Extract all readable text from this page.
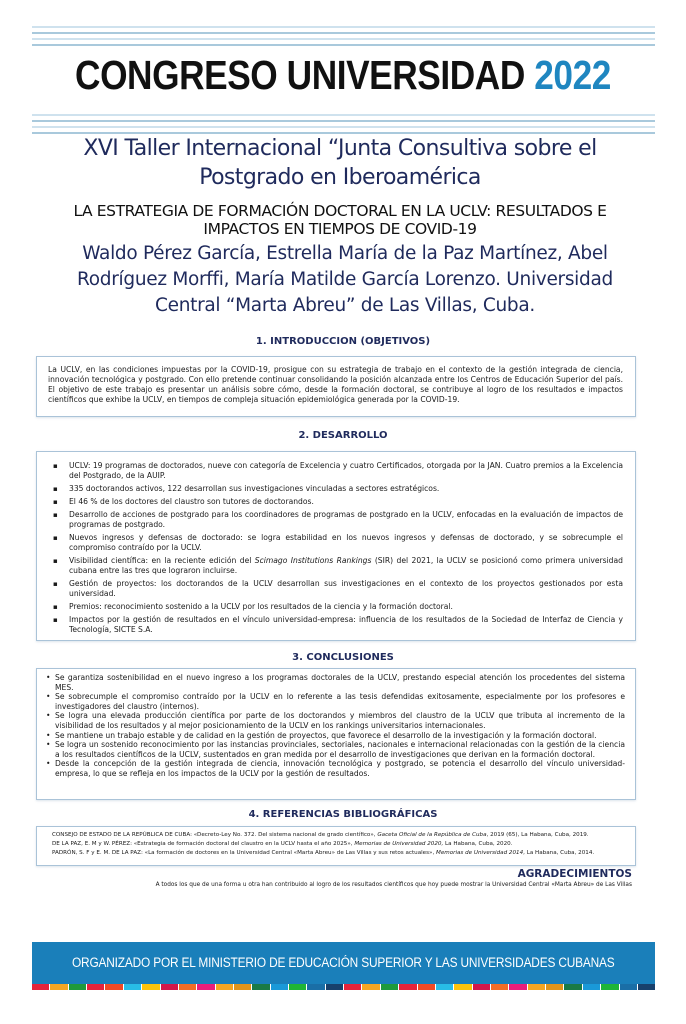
CONGRESO UNIVERSIDAD 2022
XVI Taller Internacional “Junta Consultiva sobre el
Postgrado en Iberoamérica
LA ESTRATEGIA DE FORMACIÓN DOCTORAL EN LA UCLV: RESULTADOS E
IMPACTOS EN TIEMPOS DE COVID-19
Waldo Pérez García, Estrella María de la Paz Martínez, Abel
Rodríguez Morffi, María Matilde García Lorenzo. Universidad
Central “Marta Abreu” de Las Villas, Cuba.
1. INTRODUCCION (OBJETIVOS)
La UCLV, en las condiciones impuestas por la COVID-19, prosigue con su estrategia de trabajo en el contexto de la gestión integrada de ciencia, innovación tecnológica y postgrado. Con ello pretende continuar consolidando la posición alcanzada entre los Centros de Educación Superior del país. El objetivo de este trabajo es presentar un análisis sobre cómo, desde la formación doctoral, se contribuye al logro de los resultados e impactos científicos que exhibe la UCLV, en tiempos de compleja situación epidemiológica generada por la COVID-19.
2. DESARROLLO
▪ UCLV: 19 programas de doctorados, nueve con categoría de Excelencia y cuatro Certificados, otorgada por la JAN. Cuatro premios a la Excelencia del Postgrado, de la AUIP.
▪ 335 doctorandos activos, 122 desarrollan sus investigaciones vinculadas a sectores estratégicos.
▪ El 46 % de los doctores del claustro son tutores de doctorandos.
▪ Desarrollo de acciones de postgrado para los coordinadores de programas de postgrado en la UCLV, enfocadas en la evaluación de impactos de programas de postgrado.
▪ Nuevos ingresos y defensas de doctorado: se logra estabilidad en los nuevos ingresos y defensas de doctorado, y se sobrecumple el compromiso contraído por la UCLV.
▪ Visibilidad científica: en la reciente edición del Scimago Institutions Rankings (SIR) del 2021, la UCLV se posicionó como primera universidad cubana entre las tres que lograron incluirse.
▪ Gestión de proyectos: los doctorandos de la UCLV desarrollan sus investigaciones en el contexto de los proyectos gestionados por esta universidad.
▪ Premios: reconocimiento sostenido a la UCLV por los resultados de la ciencia y la formación doctoral.
▪ Impactos por la gestión de resultados en el vínculo universidad-empresa: influencia de los resultados de la Sociedad de Interfaz de Ciencia y Tecnología, SICTE S.A.
3. CONCLUSIONES
• Se garantiza sostenibilidad en el nuevo ingreso a los programas doctorales de la UCLV, prestando especial atención los procedentes del sistema MES.
• Se sobrecumple el compromiso contraído por la UCLV en lo referente a las tesis defendidas exitosamente, especialmente por los profesores e investigadores del claustro (internos).
• Se logra una elevada producción científica por parte de los doctorandos y miembros del claustro de la UCLV que tributa al incremento de la visibilidad de los resultados y al mejor posicionamiento de la UCLV en los rankings universitarios internacionales.
• Se mantiene un trabajo estable y de calidad en la gestión de proyectos, que favorece el desarrollo de la investigación y la formación doctoral.
• Se logra un sostenido reconocimiento por las instancias provinciales, sectoriales, nacionales e internacional relacionadas con la gestión de la ciencia a los resultados científicos de la UCLV, sustentados en gran medida por el desarrollo de investigaciones que derivan en la formación doctoral.
• Desde la concepción de la gestión integrada de ciencia, innovación tecnológica y postgrado, se potencia el desarrollo del vínculo universidad-empresa, lo que se refleja en los impactos de la UCLV por la gestión de resultados.
4. REFERENCIAS BIBLIOGRÁFICAS
CONSEJO DE ESTADO DE LA REPÚBLICA DE CUBA: «Decreto-Ley No. 372. Del sistema nacional de grado científico», Gaceta Oficial de la República de Cuba, 2019 (65), La Habana, Cuba, 2019.
DE LA PAZ, E. M y W. PÉREZ: «Estrategia de formación doctoral del claustro en la UCLV hasta el año 2025», Memorias de Universidad 2020, La Habana, Cuba, 2020.
PADRÓN, S. F y E. M. DE LA PAZ: «La formación de doctores en la Universidad Central «Marta Abreu» de Las Villas y sus retos actuales», Memorias de Universidad 2014, La Habana, Cuba, 2014.
AGRADECIMIENTOS
A todos los que de una forma u otra han contribuido al logro de los resultados científicos que hoy puede mostrar la Universidad Central «Marta Abreu» de Las Villas
ORGANIZADO POR EL MINISTERIO DE EDUCACIÓN SUPERIOR Y LAS UNIVERSIDADES CUBANAS
